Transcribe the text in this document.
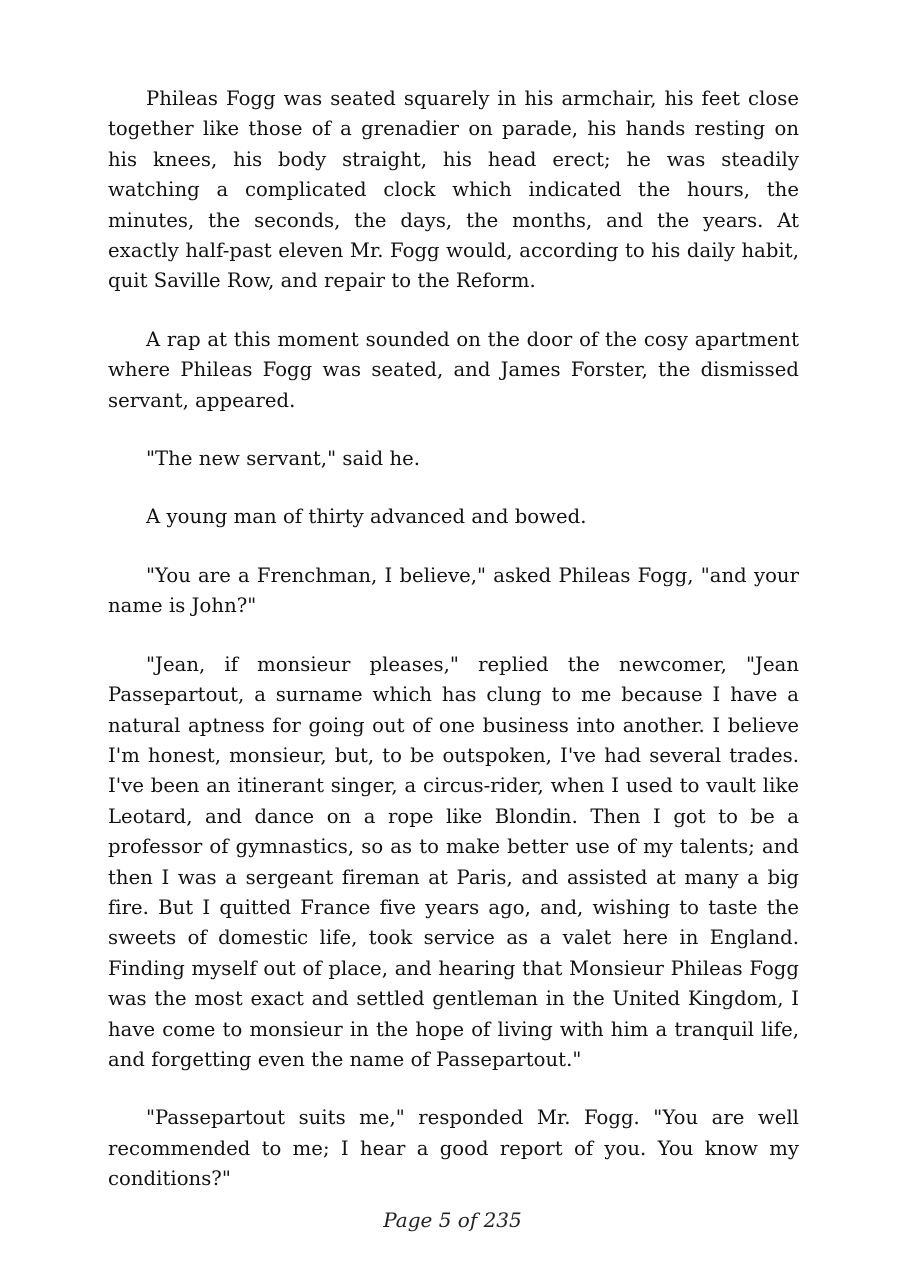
Phileas Fogg was seated squarely in his armchair, his feet close together like those of a grenadier on parade, his hands resting on his knees, his body straight, his head erect; he was steadily watching a complicated clock which indicated the hours, the minutes, the seconds, the days, the months, and the years. At exactly half-past eleven Mr. Fogg would, according to his daily habit, quit Saville Row, and repair to the Reform.

A rap at this moment sounded on the door of the cosy apartment where Phileas Fogg was seated, and James Forster, the dismissed servant, appeared.

"The new servant," said he.

A young man of thirty advanced and bowed.

"You are a Frenchman, I believe," asked Phileas Fogg, "and your name is John?"

"Jean, if monsieur pleases," replied the newcomer, "Jean Passepartout, a surname which has clung to me because I have a natural aptness for going out of one business into another. I believe I'm honest, monsieur, but, to be outspoken, I've had several trades. I've been an itinerant singer, a circus-rider, when I used to vault like Leotard, and dance on a rope like Blondin. Then I got to be a professor of gymnastics, so as to make better use of my talents; and then I was a sergeant fireman at Paris, and assisted at many a big fire. But I quitted France five years ago, and, wishing to taste the sweets of domestic life, took service as a valet here in England. Finding myself out of place, and hearing that Monsieur Phileas Fogg was the most exact and settled gentleman in the United Kingdom, I have come to monsieur in the hope of living with him a tranquil life, and forgetting even the name of Passepartout."

"Passepartout suits me," responded Mr. Fogg. "You are well recommended to me; I hear a good report of you. You know my conditions?"

Page 5 of 235
